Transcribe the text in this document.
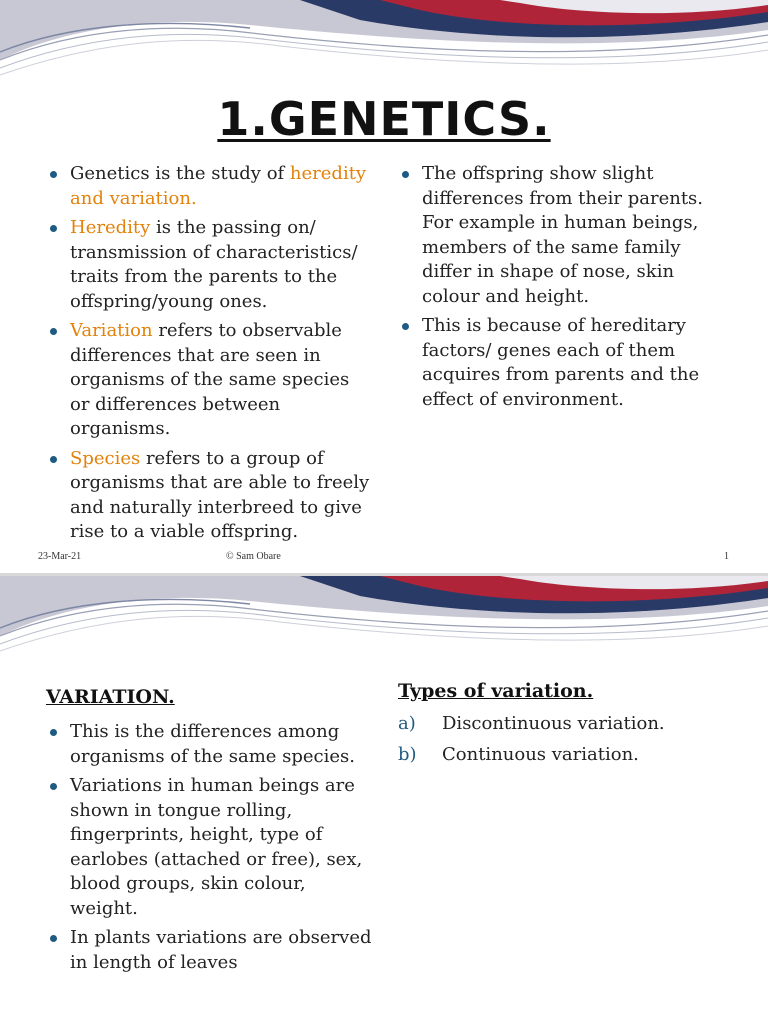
1.GENETICS.
Genetics is the study of heredity and variation.
Heredity is the passing on/ transmission of characteristics/ traits from the parents to the offspring/young ones.
Variation refers to observable differences that are seen in organisms of the same species or differences between organisms.
Species refers to a group of organisms that are able to freely and naturally interbreed to give rise to a viable offspring.
The offspring show slight differences from their parents. For example in human beings, members of the same family differ in shape of nose, skin colour and height.
This is because of hereditary factors/ genes each of them acquires from parents and the effect of environment.
23-Mar-21	© Sam Obare	1
VARIATION.
This is the differences among organisms of the same species.
Variations in human beings are shown in tongue rolling, fingerprints, height, type of earlobes (attached or free), sex, blood groups, skin colour, weight.
In plants variations are observed in length of leaves
Types of variation.
a) Discontinuous variation.
b) Continuous variation.
